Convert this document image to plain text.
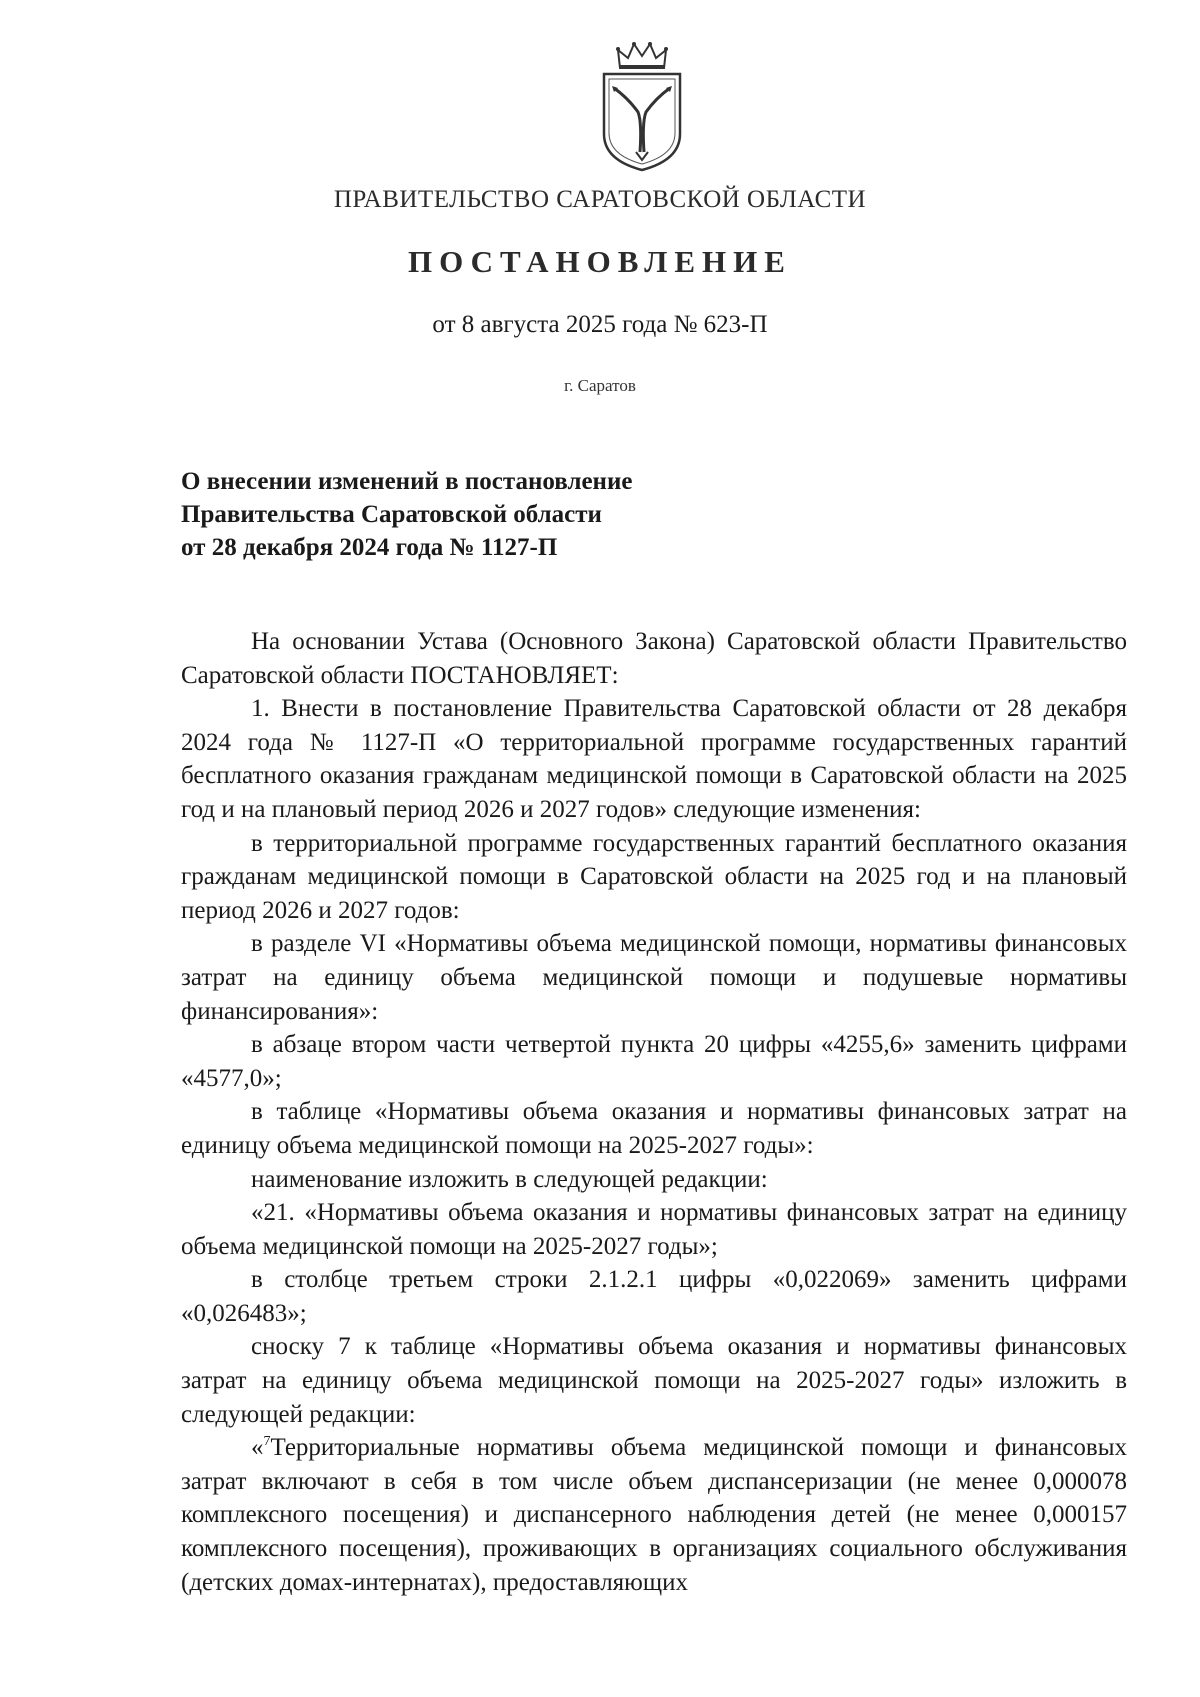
ПРАВИТЕЛЬСТВО САРАТОВСКОЙ ОБЛАСТИ
ПОСТАНОВЛЕНИЕ
от 8 августа 2025 года № 623-П
г. Саратов
О внесении изменений в постановление
Правительства Саратовской области
от 28 декабря 2024 года № 1127-П

На основании Устава (Основного Закона) Саратовской области Правительство Саратовской области ПОСТАНОВЛЯЕТ:

1. Внести в постановление Правительства Саратовской области от 28 декабря 2024 года № 1127-П «О территориальной программе государственных гарантий бесплатного оказания гражданам медицинской помощи в Саратовской области на 2025 год и на плановый период 2026 и 2027 годов» следующие изменения:

в территориальной программе государственных гарантий бесплатного оказания гражданам медицинской помощи в Саратовской области на 2025 год и на плановый период 2026 и 2027 годов:

в разделе VI «Нормативы объема медицинской помощи, нормативы финансовых затрат на единицу объема медицинской помощи и подушевые нормативы финансирования»:

в абзаце втором части четвертой пункта 20 цифры «4255,6» заменить цифрами «4577,0»;

в таблице «Нормативы объема оказания и нормативы финансовых затрат на единицу объема медицинской помощи на 2025-2027 годы»:

наименование изложить в следующей редакции:

«21. «Нормативы объема оказания и нормативы финансовых затрат на единицу объема медицинской помощи на 2025-2027 годы»;

в столбце третьем строки 2.1.2.1 цифры «0,022069» заменить цифрами «0,026483»;

сноску 7 к таблице «Нормативы объема оказания и нормативы финансовых затрат на единицу объема медицинской помощи на 2025-2027 годы» изложить в следующей редакции:

«$^7$Территориальные нормативы объема медицинской помощи и финансовых затрат включают в себя в том числе объем диспансеризации (не менее 0,000078 комплексного посещения) и диспансерного наблюдения детей (не менее 0,000157 комплексного посещения), проживающих в организациях социального обслуживания (детских домах-интернатах), предоставляющих
